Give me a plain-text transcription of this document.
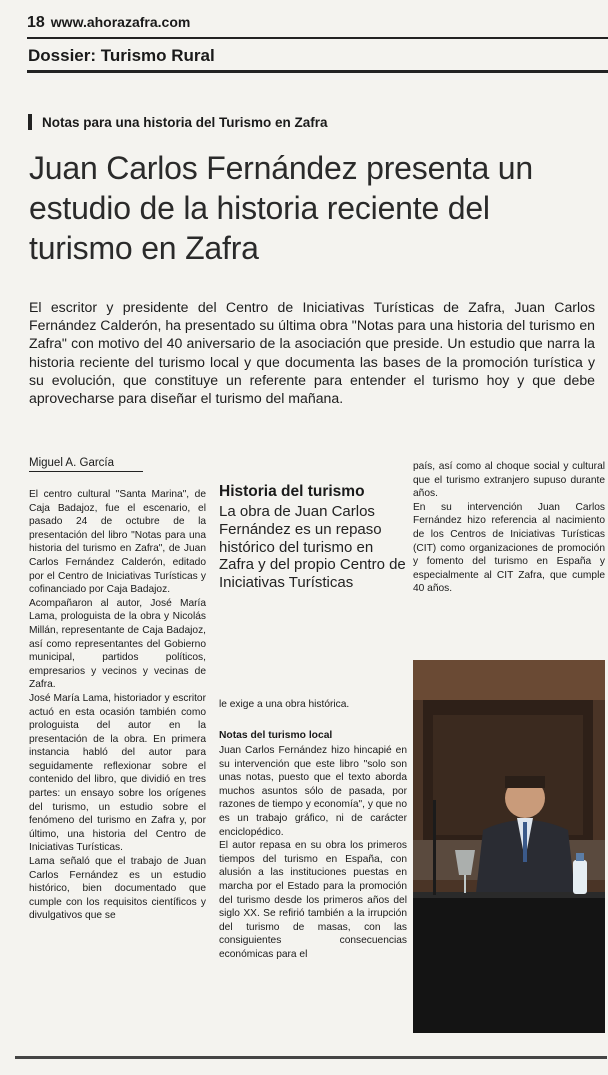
18 www.ahorazafra.com
Dossier: Turismo Rural
Notas para una historia del Turismo en Zafra
Juan Carlos Fernández presenta un estudio de la historia reciente del turismo en Zafra
El escritor y presidente del Centro de Iniciativas Turísticas de Zafra, Juan Carlos Fernández Calderón, ha presentado su última obra "Notas para una historia del turismo en Zafra" con motivo del 40 aniversario de la asociación que preside. Un estudio que narra la historia reciente del turismo local y que documenta las bases de la promoción turística y su evolución, que constituye un referente para entender el turismo hoy y que debe aprovecharse para diseñar el turismo del mañana.
Miguel A. García

El centro cultural "Santa Marina", de Caja Badajoz, fue el escenario, el pasado 24 de octubre de la presentación del libro "Notas para una historia del turismo en Zafra", de Juan Carlos Fernández Calderón, editado por el Centro de Iniciativas Turísticas y cofinanciado por Caja Badajoz.

Acompañaron al autor, José María Lama, prologuista de la obra y Nicolás Millán, representante de Caja Badajoz, así como representantes del Gobierno municipal, partidos políticos, empresarios y vecinos y vecinas de Zafra.

José María Lama, historiador y escritor actuó en esta ocasión también como prologuista del autor en la presentación de la obra. En primera instancia habló del autor para seguidamente reflexionar sobre el contenido del libro, que dividió en tres partes: un ensayo sobre los orígenes del turismo, un estudio sobre el fenómeno del turismo en Zafra y, por último, una historia del Centro de Iniciativas Turísticas.

Lama señaló que el trabajo de Juan Carlos Fernández es un estudio histórico, bien documentado que cumple con los requisitos científicos y divulgativos que se

Historia del turismo
La obra de Juan Carlos Fernández es un repaso histórico del turismo en Zafra y del propio Centro de Iniciativas Turísticas
le exige a una obra histórica.
Notas del turismo local

Juan Carlos Fernández hizo hincapié en su intervención que este libro "solo son unas notas, puesto que el texto aborda muchos asuntos sólo de pasada, por razones de tiempo y economía", y que no es un trabajo gráfico, ni de carácter enciclopédico.

El autor repasa en su obra los primeros tiempos del turismo en España, con alusión a las instituciones puestas en marcha por el Estado para la promoción del turismo desde los primeros años del siglo XX. Se refirió también a la irrupción del turismo de masas, con las consiguientes consecuencias económicas para el

país, así como al choque social y cultural que el turismo extranjero supuso durante años.

En su intervención Juan Carlos Fernández hizo referencia al nacimiento de los Centros de Iniciativas Turísticas (CIT) como organizaciones de promoción y fomento del turismo en España y especialmente al CIT Zafra, que cumple 40 años.
